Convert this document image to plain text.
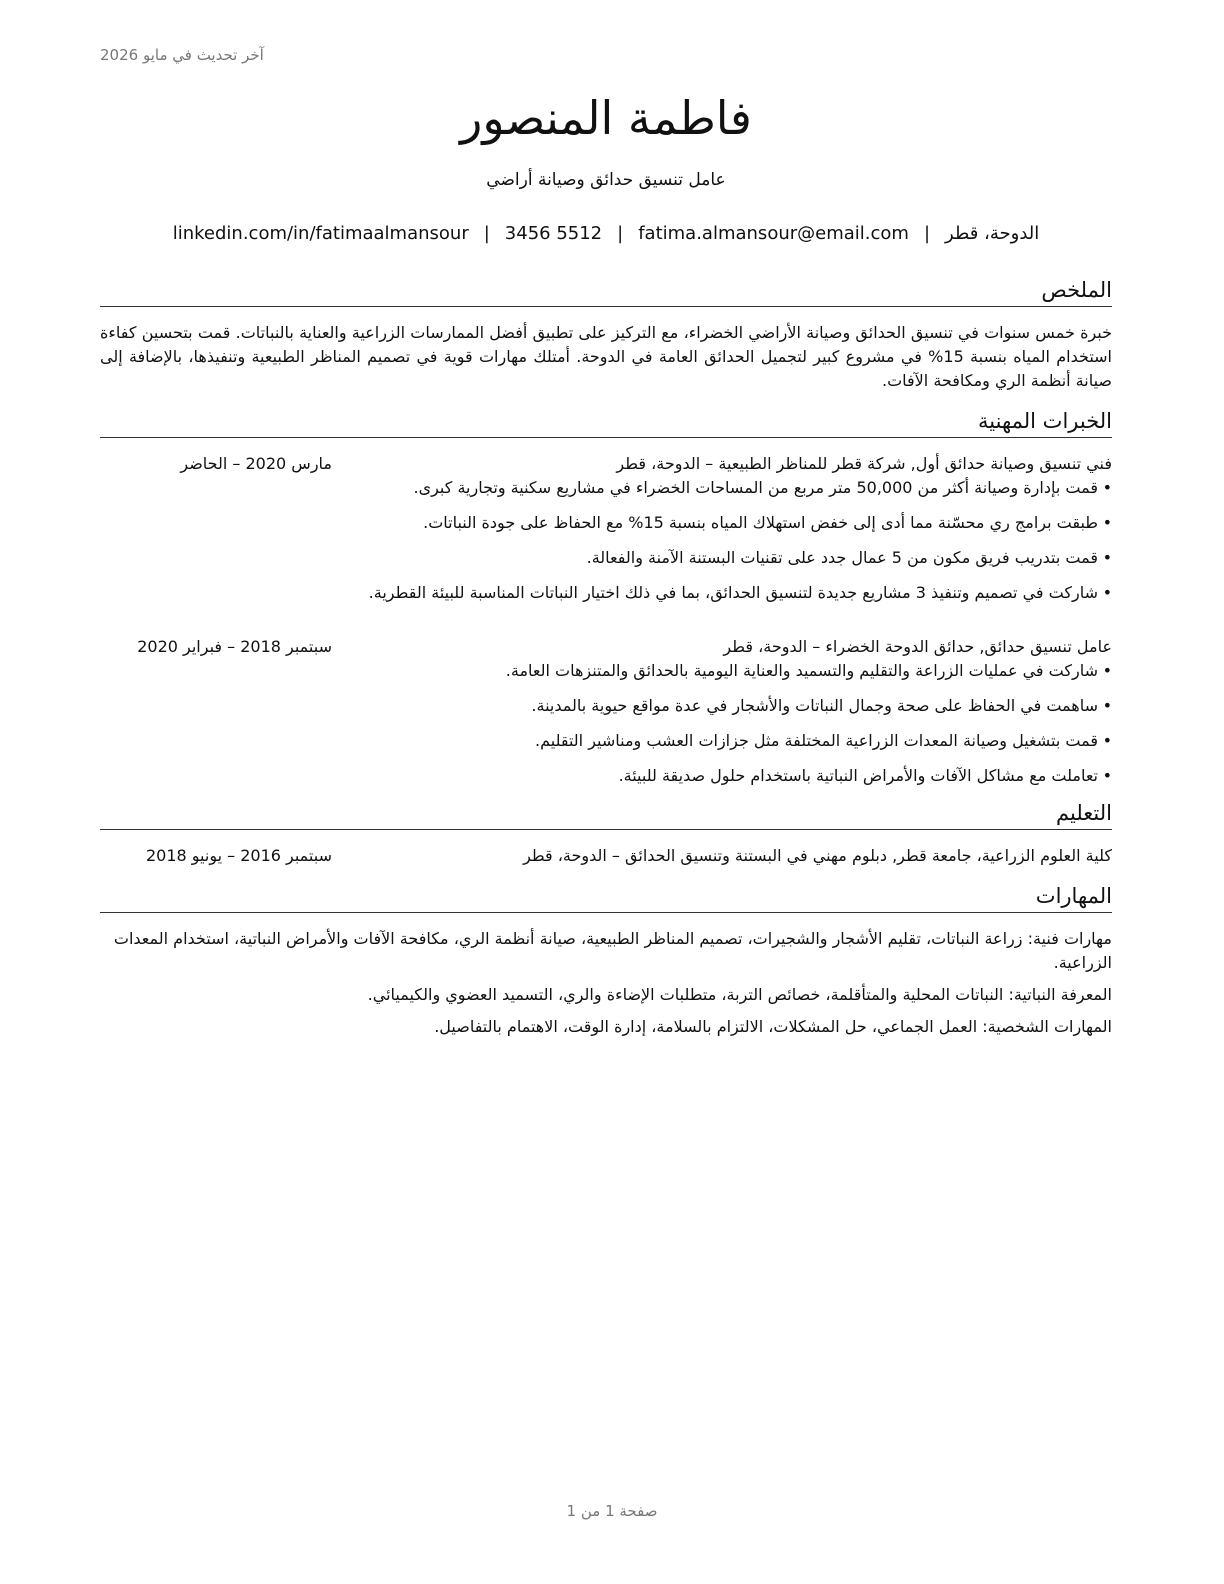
آخر تحديث في مايو 2026
فاطمة المنصور
عامل تنسيق حدائق وصيانة أراضي
الدوحة، قطر|fatima.almansour@email.com|3456 5512|linkedin.com/in/fatimaalmansour
الملخص

خبرة خمس سنوات في تنسيق الحدائق وصيانة الأراضي الخضراء، مع التركيز على تطبيق أفضل الممارسات الزراعية والعناية بالنباتات. قمت بتحسين كفاءة استخدام المياه بنسبة 15% في مشروع كبير لتجميل الحدائق العامة في الدوحة. أمتلك مهارات قوية في تصميم المناظر الطبيعية وتنفيذها، بالإضافة إلى صيانة أنظمة الري ومكافحة الآفات.

الخبرات المهنية
فني تنسيق وصيانة حدائق أول, شركة قطر للمناظر الطبيعية – الدوحة، قطر
مارس 2020 – الحاضر
•قمت بإدارة وصيانة أكثر من 50,000 متر مربع من المساحات الخضراء في مشاريع سكنية وتجارية كبرى.
•طبقت برامج ري محسّنة مما أدى إلى خفض استهلاك المياه بنسبة 15% مع الحفاظ على جودة النباتات.
•قمت بتدريب فريق مكون من 5 عمال جدد على تقنيات البستنة الآمنة والفعالة.
•شاركت في تصميم وتنفيذ 3 مشاريع جديدة لتنسيق الحدائق، بما في ذلك اختيار النباتات المناسبة للبيئة القطرية.
عامل تنسيق حدائق, حدائق الدوحة الخضراء – الدوحة، قطر
سبتمبر 2018 – فبراير 2020
•شاركت في عمليات الزراعة والتقليم والتسميد والعناية اليومية بالحدائق والمتنزهات العامة.
•ساهمت في الحفاظ على صحة وجمال النباتات والأشجار في عدة مواقع حيوية بالمدينة.
•قمت بتشغيل وصيانة المعدات الزراعية المختلفة مثل جزازات العشب ومناشير التقليم.
•تعاملت مع مشاكل الآفات والأمراض النباتية باستخدام حلول صديقة للبيئة.
التعليم
كلية العلوم الزراعية، جامعة قطر, دبلوم مهني في البستنة وتنسيق الحدائق – الدوحة، قطر
سبتمبر 2016 – يونيو 2018
المهارات

مهارات فنية: زراعة النباتات، تقليم الأشجار والشجيرات، تصميم المناظر الطبيعية، صيانة أنظمة الري، مكافحة الآفات والأمراض النباتية، استخدام المعدات الزراعية.

المعرفة النباتية: النباتات المحلية والمتأقلمة، خصائص التربة، متطلبات الإضاءة والري، التسميد العضوي والكيميائي.

المهارات الشخصية: العمل الجماعي، حل المشكلات، الالتزام بالسلامة، إدارة الوقت، الاهتمام بالتفاصيل.

صفحة 1 من 1
